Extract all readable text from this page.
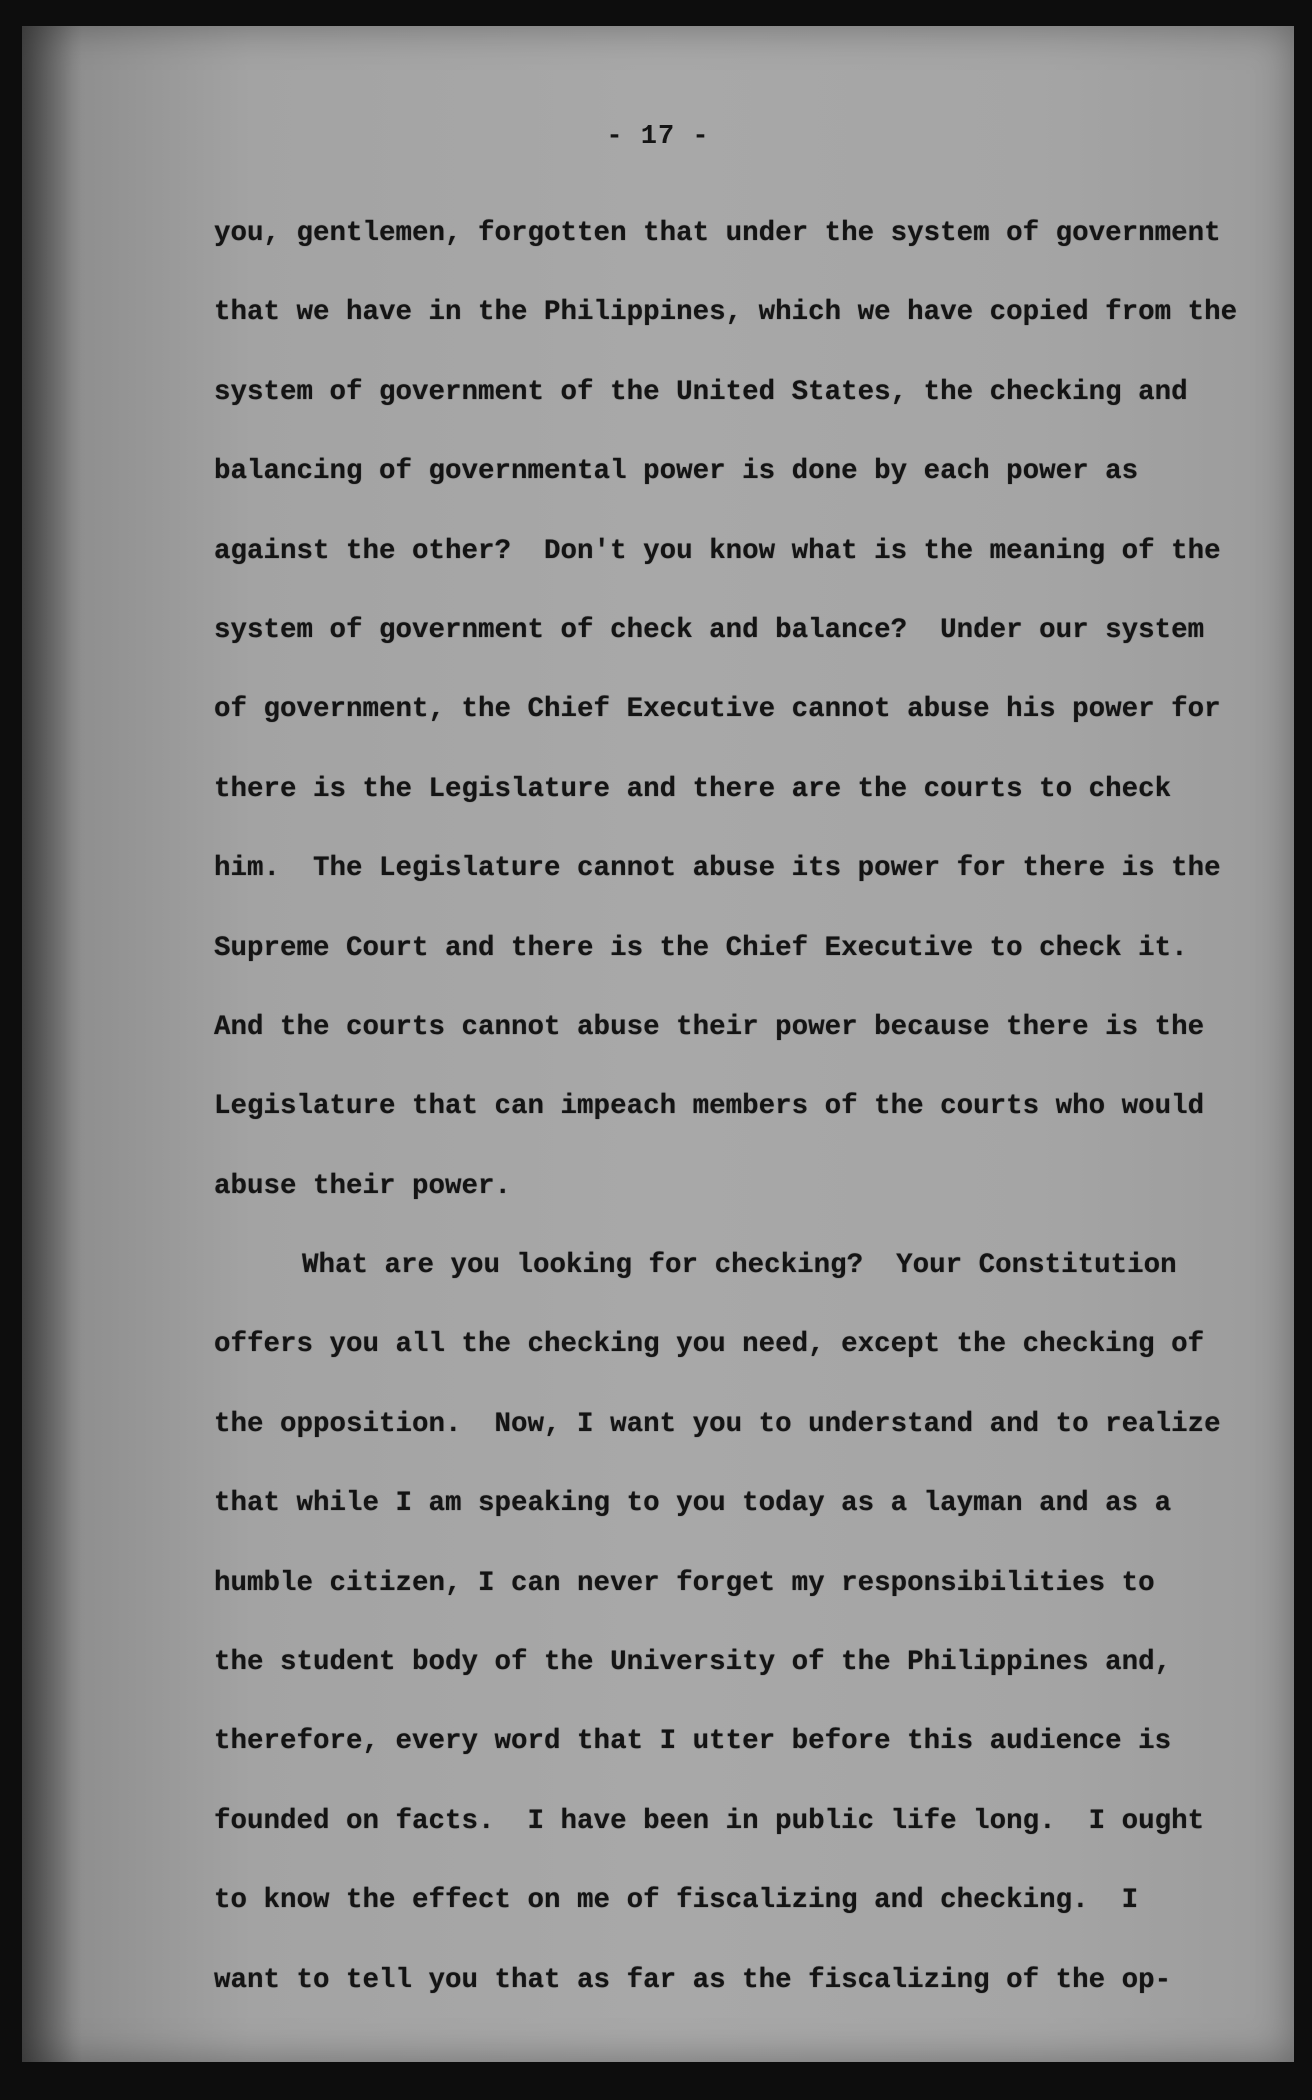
- 17 -
you, gentlemen, forgotten that under the system of government
that we have in the Philippines, which we have copied from the
system of government of the United States, the checking and
balancing of governmental power is done by each power as
against the other?  Don't you know what is the meaning of the
system of government of check and balance?  Under our system
of government, the Chief Executive cannot abuse his power for
there is the Legislature and there are the courts to check
him.  The Legislature cannot abuse its power for there is the
Supreme Court and there is the Chief Executive to check it.
And the courts cannot abuse their power because there is the
Legislature that can impeach members of the courts who would
abuse their power.
What are you looking for checking?  Your Constitution
offers you all the checking you need, except the checking of
the opposition.  Now, I want you to understand and to realize
that while I am speaking to you today as a layman and as a
humble citizen, I can never forget my responsibilities to
the student body of the University of the Philippines and,
therefore, every word that I utter before this audience is
founded on facts.  I have been in public life long.  I ought
to know the effect on me of fiscalizing and checking.  I
want to tell you that as far as the fiscalizing of the op-
